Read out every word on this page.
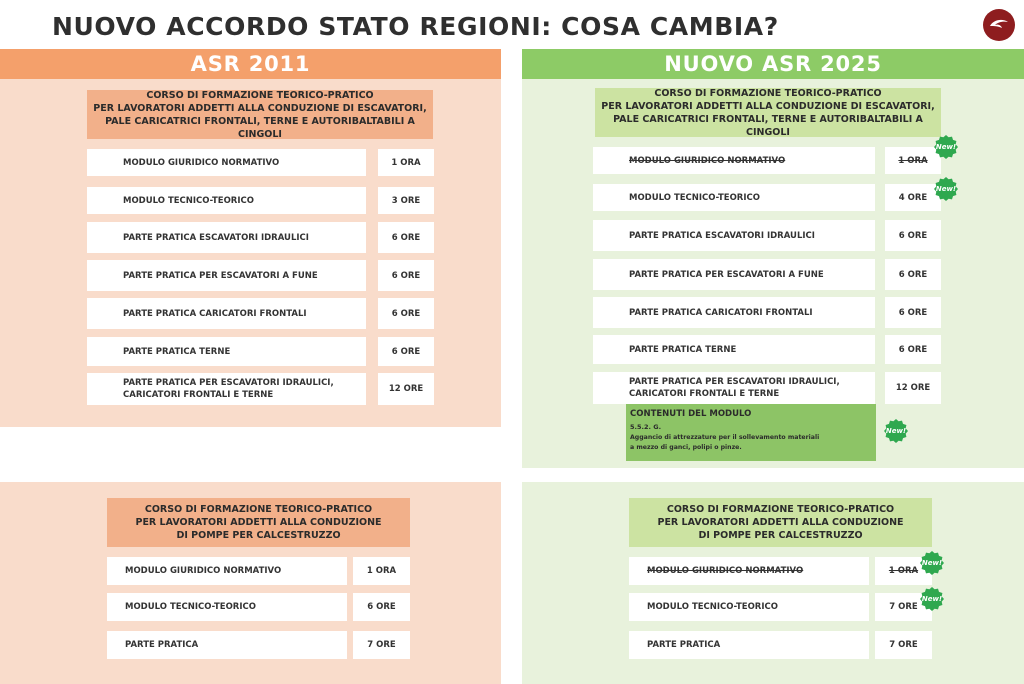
NUOVO ACCORDO STATO REGIONI: COSA CAMBIA?
ASR 2011	NUOVO ASR 2025
CORSO DI FORMAZIONE TEORICO-PRATICO
PER LAVORATORI ADDETTI ALLA CONDUZIONE DI ESCAVATORI,
PALE CARICATRICI FRONTALI, TERNE E AUTORIBALTABILI A CINGOLI
MODULO GIURIDICO NORMATIVO	1 ORA
MODULO TECNICO-TEORICO	3 ORE
PARTE PRATICA ESCAVATORI IDRAULICI	6 ORE
PARTE PRATICA PER ESCAVATORI A FUNE	6 ORE
PARTE PRATICA CARICATORI FRONTALI	6 ORE
PARTE PRATICA TERNE	6 ORE
PARTE PRATICA PER ESCAVATORI IDRAULICI,
CARICATORI FRONTALI E TERNE
12 ORE
CORSO DI FORMAZIONE TEORICO-PRATICO
PER LAVORATORI ADDETTI ALLA CONDUZIONE DI ESCAVATORI,
PALE CARICATRICI FRONTALI, TERNE E AUTORIBALTABILI A CINGOLI
MODULO GIURIDICO NORMATIVO	1 ORA
MODULO TECNICO-TEORICO	4 ORE
PARTE PRATICA ESCAVATORI IDRAULICI	6 ORE
PARTE PRATICA PER ESCAVATORI A FUNE	6 ORE
PARTE PRATICA CARICATORI FRONTALI	6 ORE
PARTE PRATICA TERNE	6 ORE
PARTE PRATICA PER ESCAVATORI IDRAULICI,
CARICATORI FRONTALI E TERNE
12 ORE
CONTENUTI DEL MODULO
5.5.2. G.
Aggancio di attrezzature per il sollevamento materiali
a mezzo di ganci, polipi o pinze.
CORSO DI FORMAZIONE TEORICO-PRATICO
PER LAVORATORI ADDETTI ALLA CONDUZIONE
DI POMPE PER CALCESTRUZZO
MODULO GIURIDICO NORMATIVO	1 ORA
MODULO TECNICO-TEORICO	6 ORE
PARTE PRATICA	7 ORE
CORSO DI FORMAZIONE TEORICO-PRATICO
PER LAVORATORI ADDETTI ALLA CONDUZIONE
DI POMPE PER CALCESTRUZZO
MODULO GIURIDICO NORMATIVO	1 ORA
MODULO TECNICO-TEORICO	7 ORE
PARTE PRATICA	7 ORE
New!
New!
New!
New!
New!
